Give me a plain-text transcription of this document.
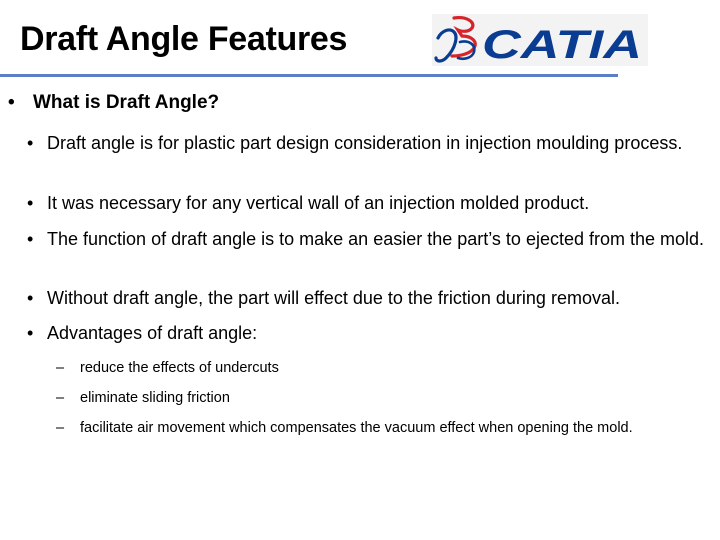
Draft Angle Features	CATIA
• What is Draft Angle?
• Draft angle is for plastic part design consideration in injection moulding process.
• It was necessary for any vertical wall of an injection molded product.
• The function of draft angle is to make an easier the part’s to ejected from the mold.
• Without draft angle, the part will effect due to the friction during removal.
• Advantages of draft angle:
– reduce the effects of undercuts
– eliminate sliding friction
– facilitate air movement which compensates the vacuum effect when opening the mold.
